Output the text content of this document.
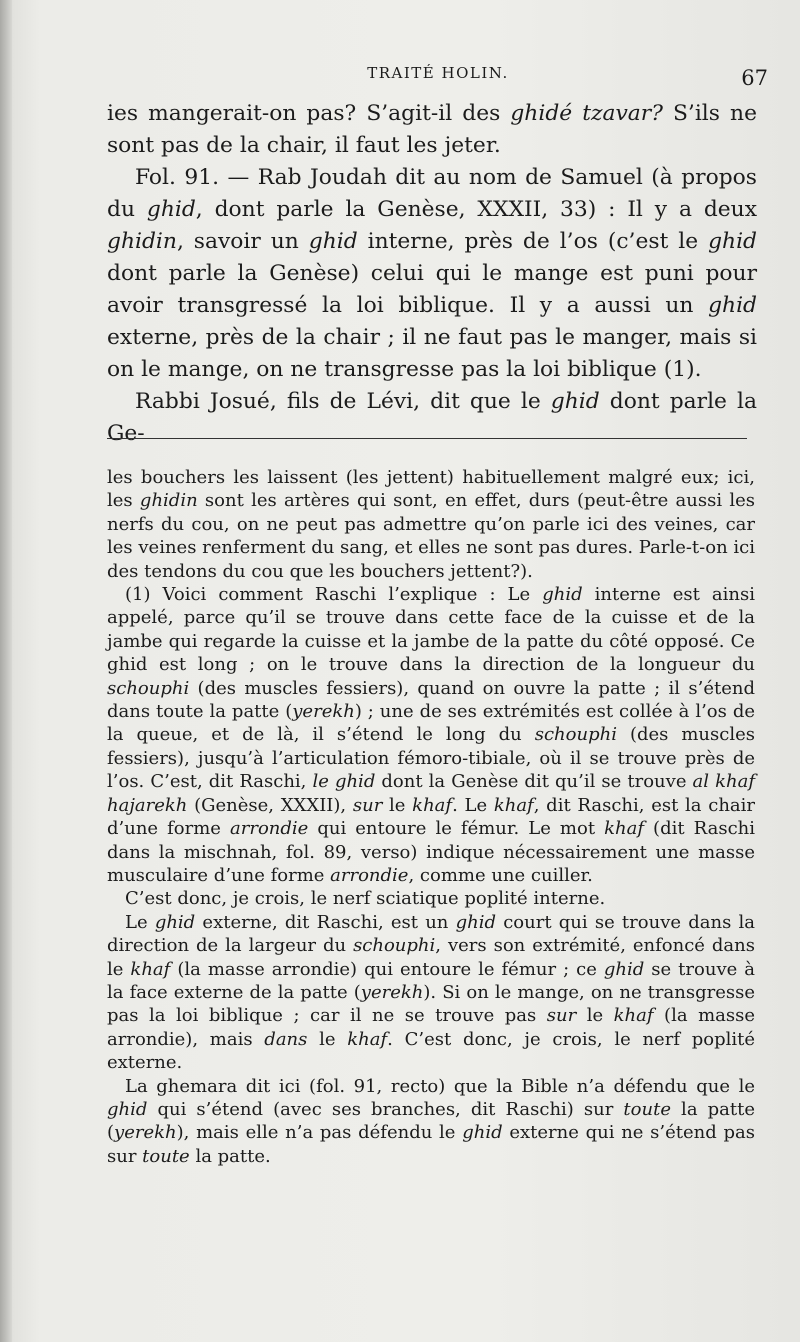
TRAITÉ HOLIN.	67

ies mangerait-on pas? S’agit-il des ghidé tzavar? S’ils ne sont pas de la chair, il faut les jeter.

Fol. 91. — Rab Joudah dit au nom de Samuel (à propos du ghid, dont parle la Genèse, XXXII, 33) : Il y a deux ghidin, savoir un ghid interne, près de l’os (c’est le ghid dont parle la Genèse) celui qui le mange est puni pour avoir transgressé la loi biblique. Il y a aussi un ghid externe, près de la chair ; il ne faut pas le manger, mais si on le mange, on ne transgresse pas la loi biblique (1).

Rabbi Josué, fils de Lévi, dit que le ghid dont parle la Ge-

les bouchers les laissent (les jettent) habituellement malgré eux; ici, les ghidin sont les artères qui sont, en effet, durs (peut-être aussi les nerfs du cou, on ne peut pas admettre qu’on parle ici des veines, car les veines renferment du sang, et elles ne sont pas dures. Parle-t-on ici des tendons du cou que les bouchers jettent?).

(1) Voici comment Raschi l’explique : Le ghid interne est ainsi appelé, parce qu’il se trouve dans cette face de la cuisse et de la jambe qui regarde la cuisse et la jambe de la patte du côté opposé. Ce ghid est long ; on le trouve dans la direction de la longueur du schouphi (des muscles fessiers), quand on ouvre la patte ; il s’étend dans toute la patte (yerekh) ; une de ses extrémités est collée à l’os de la queue, et de là, il s’étend le long du schouphi (des muscles fessiers), jusqu’à l’articulation fémoro-tibiale, où il se trouve près de l’os. C’est, dit Raschi, le ghid dont la Genèse dit qu’il se trouve al khaf hajarekh (Genèse, XXXII), sur le khaf. Le khaf, dit Raschi, est la chair d’une forme arrondie qui entoure le fémur. Le mot khaf (dit Raschi dans la mischnah, fol. 89, verso) indique nécessairement une masse musculaire d’une forme arrondie, comme une cuiller.

C’est donc, je crois, le nerf sciatique poplité interne.

Le ghid externe, dit Raschi, est un ghid court qui se trouve dans la direction de la largeur du schouphi, vers son extrémité, enfoncé dans le khaf (la masse arrondie) qui entoure le fémur ; ce ghid se trouve à la face externe de la patte (yerekh). Si on le mange, on ne transgresse pas la loi biblique ; car il ne se trouve pas sur le khaf (la masse arrondie), mais dans le khaf. C’est donc, je crois, le nerf poplité externe.

La ghemara dit ici (fol. 91, recto) que la Bible n’a défendu que le ghid qui s’étend (avec ses branches, dit Raschi) sur toute la patte (yerekh), mais elle n’a pas défendu le ghid externe qui ne s’étend pas sur toute la patte.
